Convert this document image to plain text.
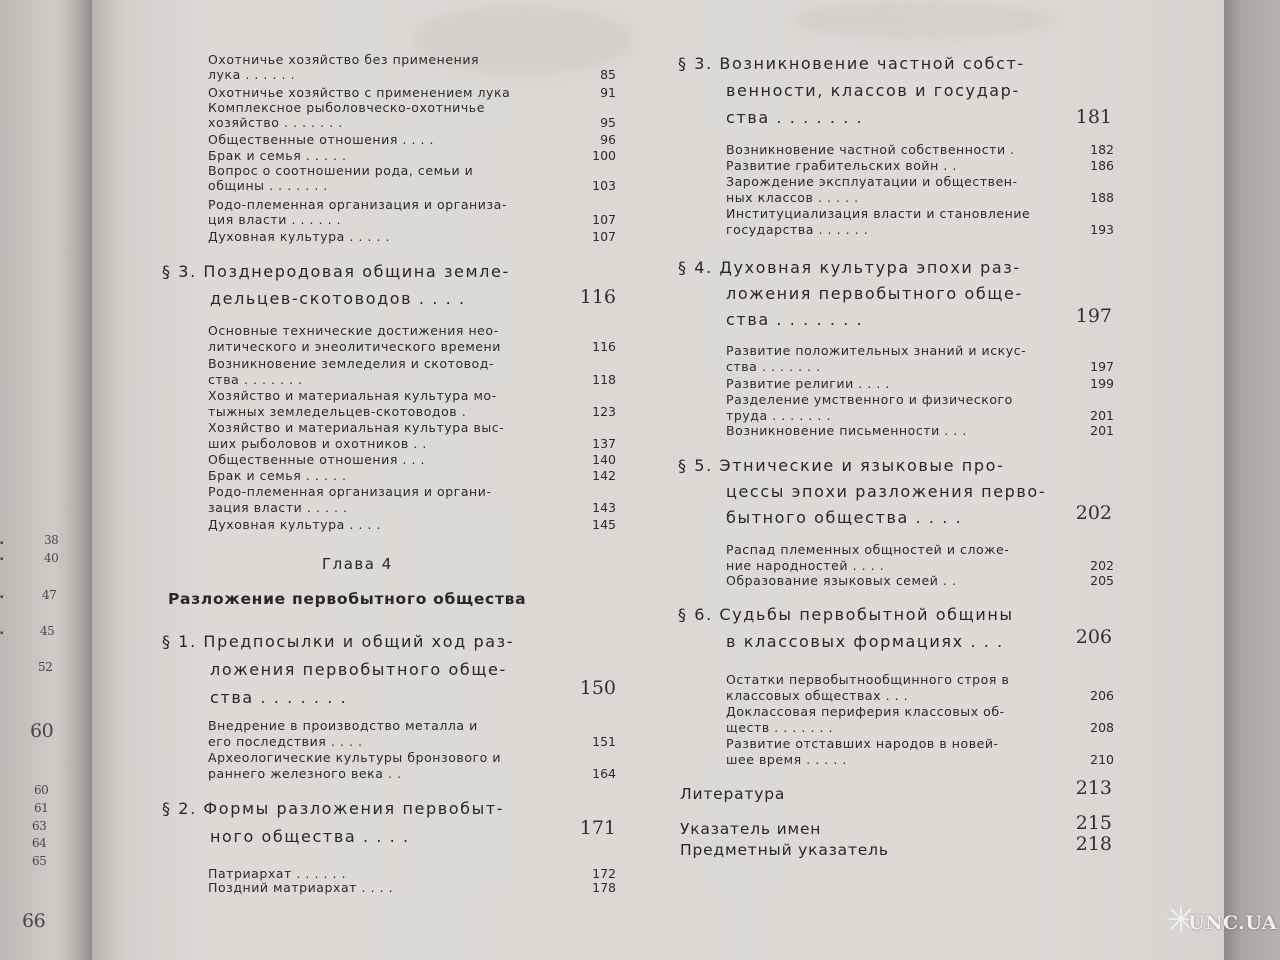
38
40
47
45
52
60
60
61
63
64
65
66
▪
▪
▪
▪
Охотничье хозяйство без применения
лука . . . . . .	85
Охотничье хозяйство с применением лука	91
Комплексное рыболовческо-охотничье
хозяйство . . . . . . .	95
Общественные отношения . . . .	96
Брак и семья . . . . .	100
Вопрос о соотношении рода, семьи и
общины . . . . . . .	103
Родо-племенная организация и организа-
ция власти . . . . . .	107
Духовная культура . . . . .	107
§ 3. Позднеродовая община земле-
дельцев-скотоводов . . . .	116
Основные технические достижения нео-
литического и энеолитического времени	116
Возникновение земледелия и скотовод-
ства . . . . . . .	118
Хозяйство и материальная культура мо-
тыжных земледельцев-скотоводов .	123
Хозяйство и материальная культура выс-
ших рыболовов и охотников . .	137
Общественные отношения . . .	140
Брак и семья . . . . .	142
Родо-племенная организация и органи-
зация власти . . . . .	143
Духовная культура . . . .	145
Глава 4
Разложение первобытного общества
§ 1. Предпосылки и общий ход раз-
ложения первобытного обще-
ства . . . . . . .	150
Внедрение в производство металла и
его последствия . . . .	151
Археологические культуры бронзового и
раннего железного века . .	164
§ 2. Формы разложения первобыт-
ного общества . . . .	171
Патриархат . . . . . .	172
Поздний матриархат . . . .	178
§ 3. Возникновение частной собст-
венности, классов и государ-
ства . . . . . . .	181
Возникновение частной собственности .	182
Развитие грабительских войн . .	186
Зарождение эксплуатации и обществен-
ных классов . . . . .	188
Институциализация власти и становление
государства . . . . . .	193
§ 4. Духовная культура эпохи раз-
ложения первобытного обще-
ства . . . . . . .	197
Развитие положительных знаний и искус-
ства . . . . . . .	197
Развитие религии . . . .	199
Разделение умственного и физического
труда . . . . . . .	201
Возникновение письменности . . .	201
§ 5. Этнические и языковые про-
цессы эпохи разложения перво-
бытного общества . . . .	202
Распад племенных общностей и сложе-
ние народностей . . . .	202
Образование языковых семей . .	205
§ 6. Судьбы первобытной общины
в классовых формациях . . .	206
Остатки первобытнообщинного строя в
классовых обществах . . .	206
Доклассовая периферия классовых об-
ществ . . . . . . .	208
Развитие отставших народов в новей-
шее время . . . . .	210
Литература	213
Указатель имен	215
Предметный указатель	218
UNC.UA
